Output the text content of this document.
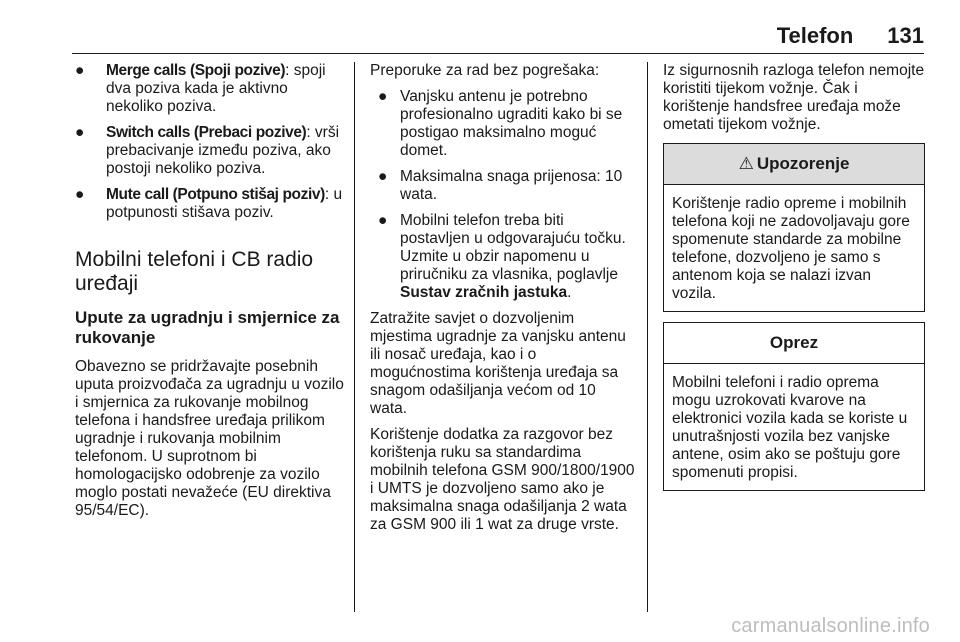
Telefon 131
●	Merge calls (Spoji pozive): spoji dva poziva kada je aktivno nekoliko poziva.
●	Switch calls (Prebaci pozive): vrši prebacivanje između poziva, ako postoji nekoliko poziva.
●	Mute call (Potpuno stišaj poziv): u potpunosti stišava poziv.
Mobilni telefoni i CB radio uređaji
Upute za ugradnju i smjernice za rukovanje

Obavezno se pridržavajte posebnih uputa proizvođača za ugradnju u vozilo i smjernica za rukovanje mobilnog telefona i handsfree uređaja prilikom ugradnje i rukovanja mobilnim telefonom. U suprotnom bi homologacijsko odobrenje za vozilo moglo postati nevažeće (EU direktiva 95/54/EC).

Preporuke za rad bez pogrešaka:

● Vanjsku antenu je potrebno profesionalno ugraditi kako bi se postigao maksimalno moguć domet.
● Maksimalna snaga prijenosa: 10 wata.
● Mobilni telefon treba biti postavljen u odgovarajuću točku. Uzmite u obzir napomenu u priručniku za vlasnika, poglavlje Sustav zračnih jastuka.

Zatražite savjet o dozvoljenim mjestima ugradnje za vanjsku antenu ili nosač uređaja, kao i o mogućnostima korištenja uređaja sa snagom odašiljanja većom od 10 wata.

Korištenje dodatka za razgovor bez korištenja ruku sa standardima mobilnih telefona GSM 900/1800/1900 i UMTS je dozvoljeno samo ako je maksimalna snaga odašiljanja 2 wata za GSM 900 ili 1 wat za druge vrste.

Iz sigurnosnih razloga telefon nemojte koristiti tijekom vožnje. Čak i korištenje handsfree uređaja može ometati tijekom vožnje.

⚠ Upozorenje
Korištenje radio opreme i mobilnih telefona koji ne zadovoljavaju gore spomenute standarde za mobilne telefone, dozvoljeno je samo s antenom koja se nalazi izvan vozila.
Oprez
Mobilni telefoni i radio oprema mogu uzrokovati kvarove na elektronici vozila kada se koriste u unutrašnjosti vozila bez vanjske antene, osim ako se poštuju gore spomenuti propisi.
carmanualsonline.info
